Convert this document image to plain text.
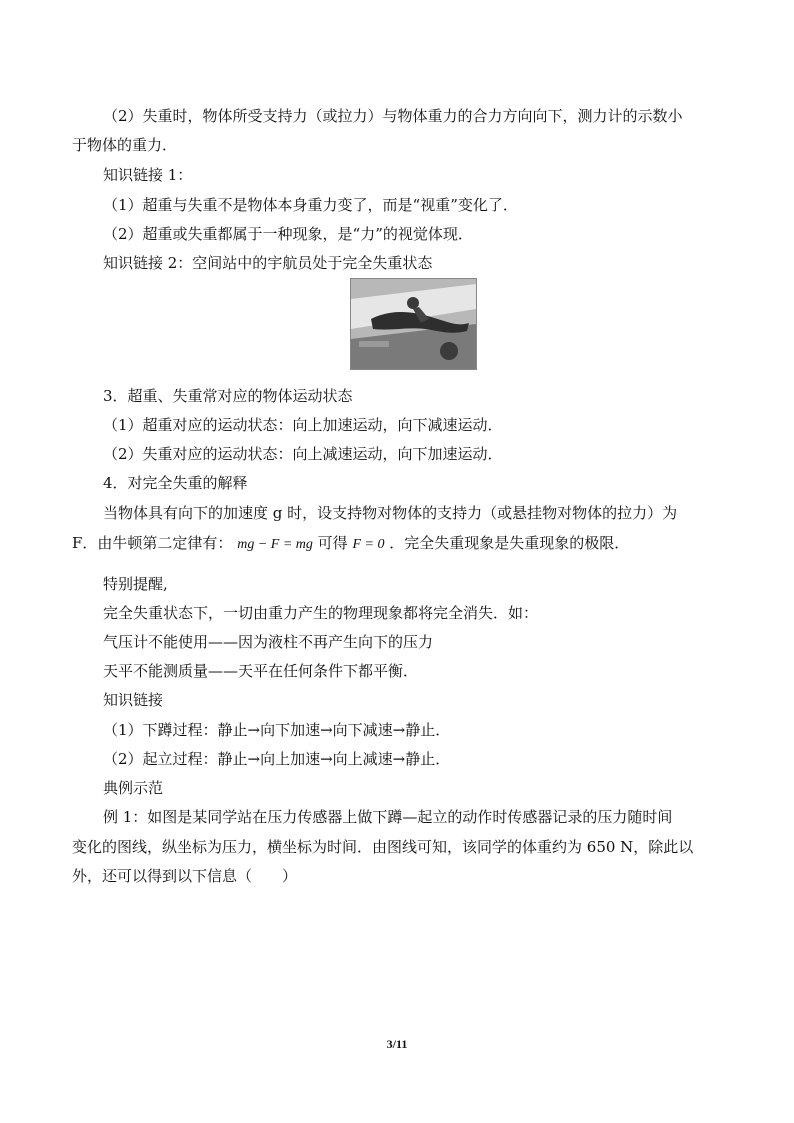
（2）失重时，物体所受支持力（或拉力）与物体重力的合力方向向下，测力计的示数小
于物体的重力．
知识链接 1：
（1）超重与失重不是物体本身重力变了，而是“视重”变化了．
（2）超重或失重都属于一种现象，是“力”的视觉体现．
知识链接 2：空间站中的宇航员处于完全失重状态
3．超重、失重常对应的物体运动状态
（1）超重对应的运动状态：向上加速运动，向下减速运动．
（2）失重对应的运动状态：向上减速运动，向下加速运动．
4．对完全失重的解释
当物体具有向下的加速度 g 时，设支持物对物体的支持力（或悬挂物对物体的拉力）为
F．由牛顿第二定律有： mg − F = mg 可得 F = 0 ．完全失重现象是失重现象的极限．
特别提醒,
完全失重状态下，一切由重力产生的物理现象都将完全消失．如：
气压计不能使用——因为液柱不再产生向下的压力
天平不能测质量——天平在任何条件下都平衡．
知识链接
（1）下蹲过程：静止→向下加速→向下减速→静止．
（2）起立过程：静止→向上加速→向上减速→静止．
典例示范
例 1：如图是某同学站在压力传感器上做下蹲—起立的动作时传感器记录的压力随时间
变化的图线，纵坐标为压力，横坐标为时间．由图线可知，该同学的体重约为 650 N，除此以
外，还可以得到以下信息（　　）
3/11
